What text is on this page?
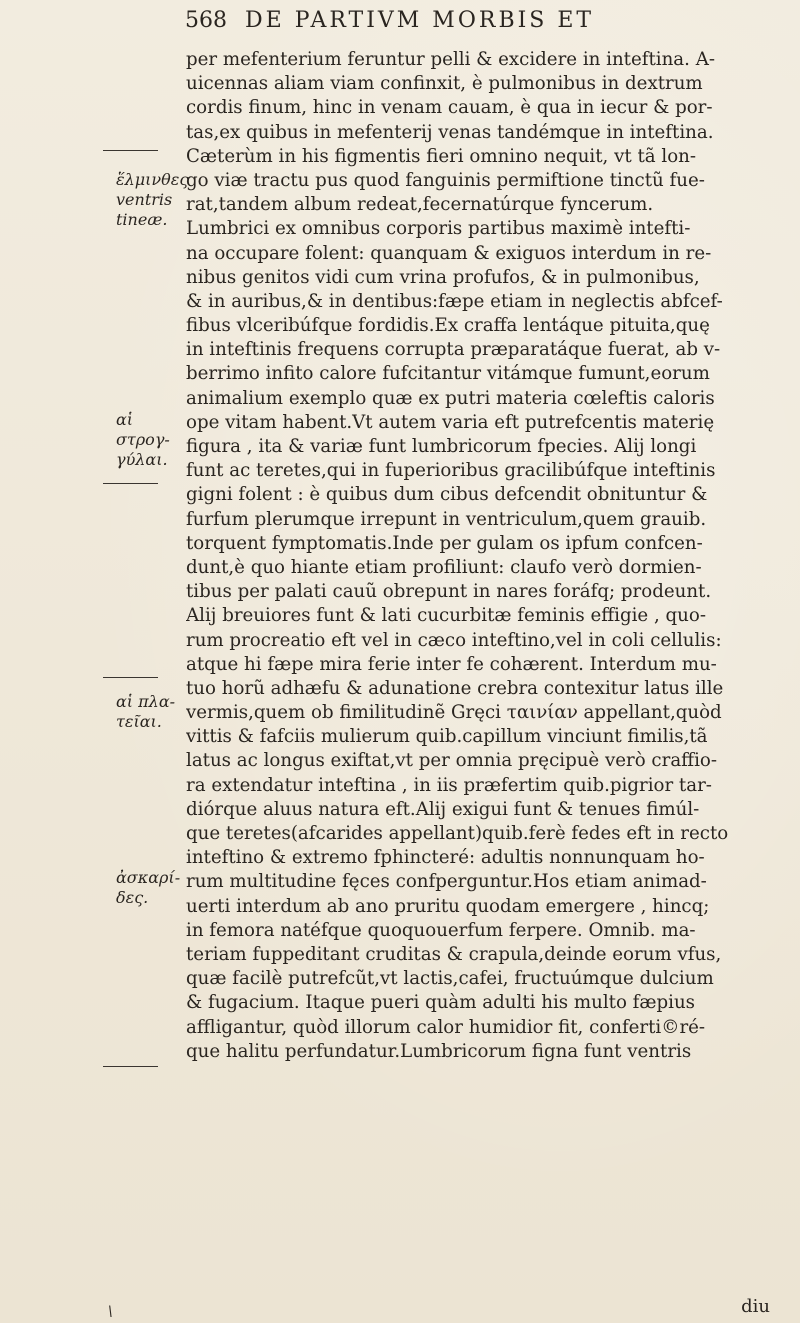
568 DE PARTIVM MORBIS ET
per mefenterium feruntur pelli & excidere in inteftina. A-
uicennas aliam viam confinxit, è pulmonibus in dextrum
cordis finum, hinc in venam cauam, è qua in iecur & por-
tas,ex quibus in mefenterij venas tandémque in inteftina.
Cæterùm in his figmentis fieri omnino nequit, vt tã lon-
go viæ tractu pus quod fanguinis permiftione tinctũ fue-
rat,tandem album redeat,fecernatúrque fyncerum.
Lumbrici ex omnibus corporis partibus maximè intefti-
na occupare folent: quanquam & exiguos interdum in re-
nibus genitos vidi cum vrina profufos, & in pulmonibus,
& in auribus,& in dentibus:fæpe etiam in neglectis abfcef-
fibus vlceribúfque fordidis.Ex craffa lentáque pituita,quę
in inteftinis frequens corrupta præparatáque fuerat, ab v-
berrimo infito calore fufcitantur vitámque fumunt,eorum
animalium exemplo quæ ex putri materia cœleftis caloris
ope vitam habent.Vt autem varia eft putrefcentis materię
figura , ita & variæ funt lumbricorum fpecies. Alij longi
funt ac teretes,qui in fuperioribus gracilibúfque inteftinis
gigni folent : è quibus dum cibus defcendit obnituntur &
furfum plerumque irrepunt in ventriculum,quem grauib.
torquent fymptomatis.Inde per gulam os ipfum confcen-
dunt,è quo hiante etiam profiliunt: claufo verò dormien-
tibus per palati cauũ obrepunt in nares foráfq; prodeunt.
Alij breuiores funt & lati cucurbitæ feminis effigie , quo-
rum procreatio eft vel in cæco inteftino,vel in coli cellulis:
atque hi fæpe mira ferie inter fe cohærent. Interdum mu-
tuo horũ adhæfu & adunatione crebra contexitur latus ille
vermis,quem ob fimilitudinẽ Gręci ταινίαν appellant,quòd
vittis & fafciis mulierum quib.capillum vinciunt fimilis,tã
latus ac longus exiftat,vt per omnia pręcipuè verò craffio-
ra extendatur inteftina , in iis præfertim quib.pigrior tar-
diórque aluus natura eft.Alij exigui funt & tenues fimúl-
que teretes(afcarides appellant)quib.ferè fedes eft in recto
inteftino & extremo fphincteré: adultis nonnunquam ho-
rum multitudine fęces confperguntur.Hos etiam animad-
uerti interdum ab ano pruritu quodam emergere , hincq;
in femora natéfque quoquouerfum ferpere. Omnib. ma-
teriam fuppeditant cruditas & crapula,deinde eorum vfus,
quæ facilè putrefcũt,vt lactis,cafei, fructuúmque dulcium
& fugacium. Itaque pueri quàm adulti his multo fæpius
affligantur, quòd illorum calor humidior fit, conferti©ré-
que halitu perfundatur.Lumbricorum figna funt ventris
ἕλμινθες
ventris
tineæ.
αἱ στρογ-
γύλαι.
αἱ πλα-
τεῖαι.
ἀσκαρί-
δες.
\	diu
